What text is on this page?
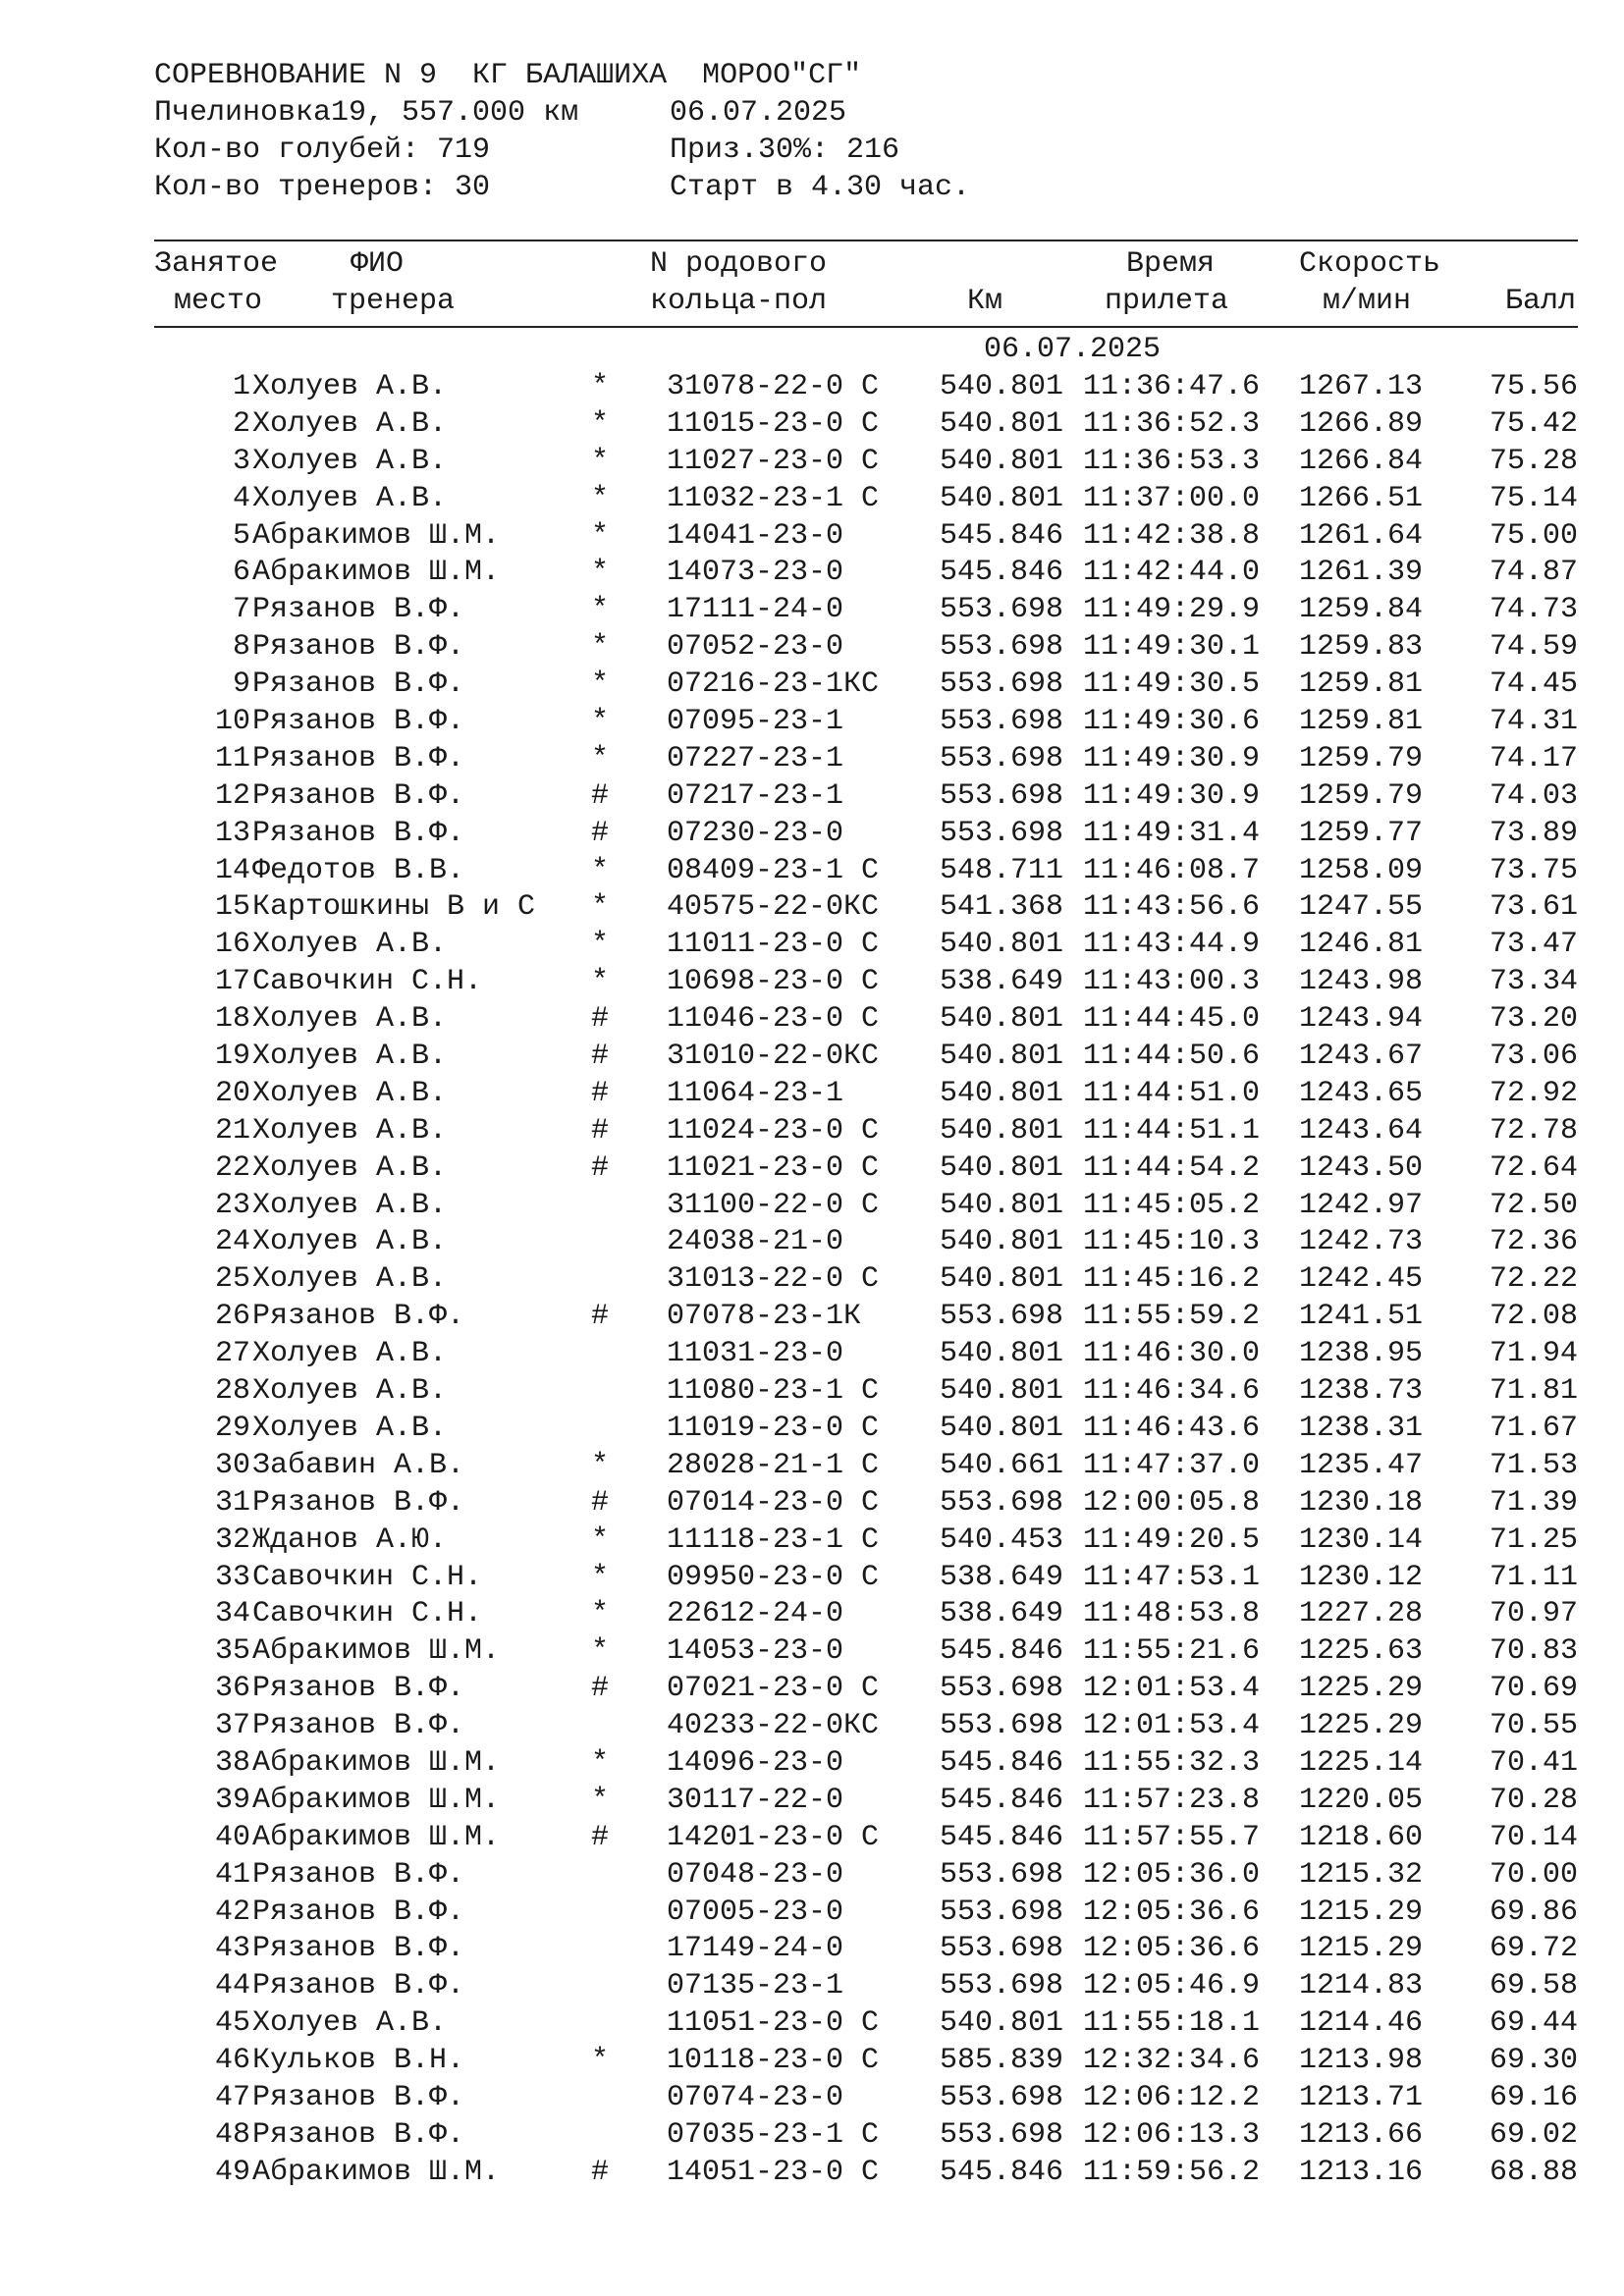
СОРЕВНОВАНИЕ N 9  КГ БАЛАШИХА  МОРОО"СГ"
Пчелиновка19, 557.000 км	06.07.2025
Кол-во голубей: 719	Приз.30%: 216
Кол-во тренеров: 30	Старт в 4.30 час.
Занятое
место
ФИО
тренера
N родового
кольца-пол	Км
Время
прилета
Скорость
м/мин	Балл
06.07.2025
1 Холуев А.В.	* 31078-22-0 С	540.801 11:36:47.6 1267.13	75.56
2 Холуев А.В.	* 11015-23-0 С	540.801 11:36:52.3 1266.89	75.42
3 Холуев А.В.	* 11027-23-0 С	540.801 11:36:53.3 1266.84	75.28
4 Холуев А.В.	* 11032-23-1 С	540.801 11:37:00.0 1266.51	75.14
5 Абракимов Ш.М.	* 14041-23-0	545.846 11:42:38.8 1261.64	75.00
6 Абракимов Ш.М.	* 14073-23-0	545.846 11:42:44.0 1261.39	74.87
7 Рязанов В.Ф.	* 17111-24-0	553.698 11:49:29.9 1259.84	74.73
8 Рязанов В.Ф.	* 07052-23-0	553.698 11:49:30.1 1259.83	74.59
9 Рязанов В.Ф.	* 07216-23-1КС	553.698 11:49:30.5 1259.81	74.45
10 Рязанов В.Ф.	* 07095-23-1	553.698 11:49:30.6 1259.81	74.31
11 Рязанов В.Ф.	* 07227-23-1	553.698 11:49:30.9 1259.79	74.17
12 Рязанов В.Ф.	# 07217-23-1	553.698 11:49:30.9 1259.79	74.03
13 Рязанов В.Ф.	# 07230-23-0	553.698 11:49:31.4 1259.77	73.89
14 Федотов В.В.	* 08409-23-1 С	548.711 11:46:08.7 1258.09	73.75
15 Картошкины В и С * 40575-22-0КС	541.368 11:43:56.6 1247.55	73.61
16 Холуев А.В.	* 11011-23-0 С	540.801 11:43:44.9 1246.81	73.47
17 Савочкин С.Н.	* 10698-23-0 С	538.649 11:43:00.3 1243.98	73.34
18 Холуев А.В.	# 11046-23-0 С	540.801 11:44:45.0 1243.94	73.20
19 Холуев А.В.	# 31010-22-0КС	540.801 11:44:50.6 1243.67	73.06
20 Холуев А.В.	# 11064-23-1	540.801 11:44:51.0 1243.65	72.92
21 Холуев А.В.	# 11024-23-0 С	540.801 11:44:51.1 1243.64	72.78
22 Холуев А.В.	# 11021-23-0 С	540.801 11:44:54.2 1243.50	72.64
23 Холуев А.В.	31100-22-0 С	540.801 11:45:05.2 1242.97	72.50
24 Холуев А.В.	24038-21-0	540.801 11:45:10.3 1242.73	72.36
25 Холуев А.В.	31013-22-0 С	540.801 11:45:16.2 1242.45	72.22
26 Рязанов В.Ф.	# 07078-23-1К	553.698 11:55:59.2 1241.51	72.08
27 Холуев А.В.	11031-23-0	540.801 11:46:30.0 1238.95	71.94
28 Холуев А.В.	11080-23-1 С	540.801 11:46:34.6 1238.73	71.81
29 Холуев А.В.	11019-23-0 С	540.801 11:46:43.6 1238.31	71.67
30 Забавин А.В.	* 28028-21-1 С	540.661 11:47:37.0 1235.47	71.53
31 Рязанов В.Ф.	# 07014-23-0 С	553.698 12:00:05.8 1230.18	71.39
32 Жданов А.Ю.	* 11118-23-1 С	540.453 11:49:20.5 1230.14	71.25
33 Савочкин С.Н.	* 09950-23-0 С	538.649 11:47:53.1 1230.12	71.11
34 Савочкин С.Н.	* 22612-24-0	538.649 11:48:53.8 1227.28	70.97
35 Абракимов Ш.М.	* 14053-23-0	545.846 11:55:21.6 1225.63	70.83
36 Рязанов В.Ф.	# 07021-23-0 С	553.698 12:01:53.4 1225.29	70.69
37 Рязанов В.Ф.	40233-22-0КС	553.698 12:01:53.4 1225.29	70.55
38 Абракимов Ш.М.	* 14096-23-0	545.846 11:55:32.3 1225.14	70.41
39 Абракимов Ш.М.	* 30117-22-0	545.846 11:57:23.8 1220.05	70.28
40 Абракимов Ш.М.	# 14201-23-0 С	545.846 11:57:55.7 1218.60	70.14
41 Рязанов В.Ф.	07048-23-0	553.698 12:05:36.0 1215.32	70.00
42 Рязанов В.Ф.	07005-23-0	553.698 12:05:36.6 1215.29	69.86
43 Рязанов В.Ф.	17149-24-0	553.698 12:05:36.6 1215.29	69.72
44 Рязанов В.Ф.	07135-23-1	553.698 12:05:46.9 1214.83	69.58
45 Холуев А.В.	11051-23-0 С	540.801 11:55:18.1 1214.46	69.44
46 Кульков В.Н.	* 10118-23-0 С	585.839 12:32:34.6 1213.98	69.30
47 Рязанов В.Ф.	07074-23-0	553.698 12:06:12.2 1213.71	69.16
48 Рязанов В.Ф.	07035-23-1 С	553.698 12:06:13.3 1213.66	69.02
49 Абракимов Ш.М.	# 14051-23-0 С	545.846 11:59:56.2 1213.16	68.88
